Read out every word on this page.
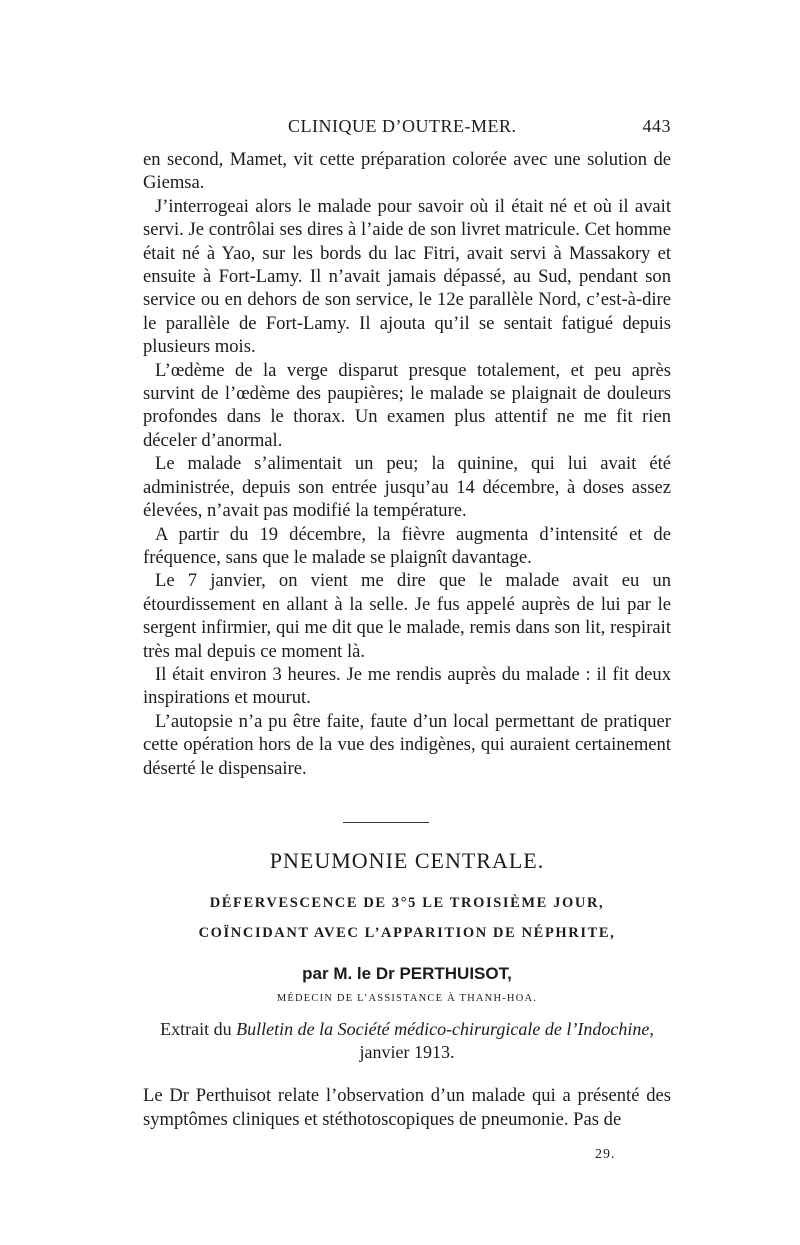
CLINIQUE D’OUTRE-MER.	443

en second, Mamet, vit cette préparation colorée avec une solution de Giemsa.

J’interrogeai alors le malade pour savoir où il était né et où il avait servi. Je contrôlai ses dires à l’aide de son livret matricule. Cet homme était né à Yao, sur les bords du lac Fitri, avait servi à Massakory et ensuite à Fort-Lamy. Il n’avait jamais dépassé, au Sud, pendant son service ou en dehors de son service, le 12e parallèle Nord, c’est-à-dire le parallèle de Fort-Lamy. Il ajouta qu’il se sentait fatigué depuis plusieurs mois.

L’œdème de la verge disparut presque totalement, et peu après survint de l’œdème des paupières; le malade se plaignait de douleurs profondes dans le thorax. Un examen plus attentif ne me fit rien déceler d’anormal.

Le malade s’alimentait un peu; la quinine, qui lui avait été administrée, depuis son entrée jusqu’au 14 décembre, à doses assez élevées, n’avait pas modifié la température.

A partir du 19 décembre, la fièvre augmenta d’intensité et de fréquence, sans que le malade se plaignît davantage.

Le 7 janvier, on vient me dire que le malade avait eu un étourdissement en allant à la selle. Je fus appelé auprès de lui par le sergent infirmier, qui me dit que le malade, remis dans son lit, respirait très mal depuis ce moment là.

Il était environ 3 heures. Je me rendis auprès du malade : il fit deux inspirations et mourut.

L’autopsie n’a pu être faite, faute d’un local permettant de pratiquer cette opération hors de la vue des indigènes, qui auraient certainement déserté le dispensaire.

PNEUMONIE CENTRALE.
DÉFERVESCENCE DE 3°5 LE TROISIÈME JOUR,
COÏNCIDANT AVEC L’APPARITION DE NÉPHRITE,
par M. le Dr PERTHUISOT,
MÉDECIN DE L’ASSISTANCE À THANH-HOA.
Extrait du Bulletin de la Société médico-chirurgicale de l’Indochine,
janvier 1913.
Le Dr Perthuisot relate l’observation d’un malade qui a présenté des symptômes cliniques et stéthotoscopiques de pneumonie. Pas de
29.
